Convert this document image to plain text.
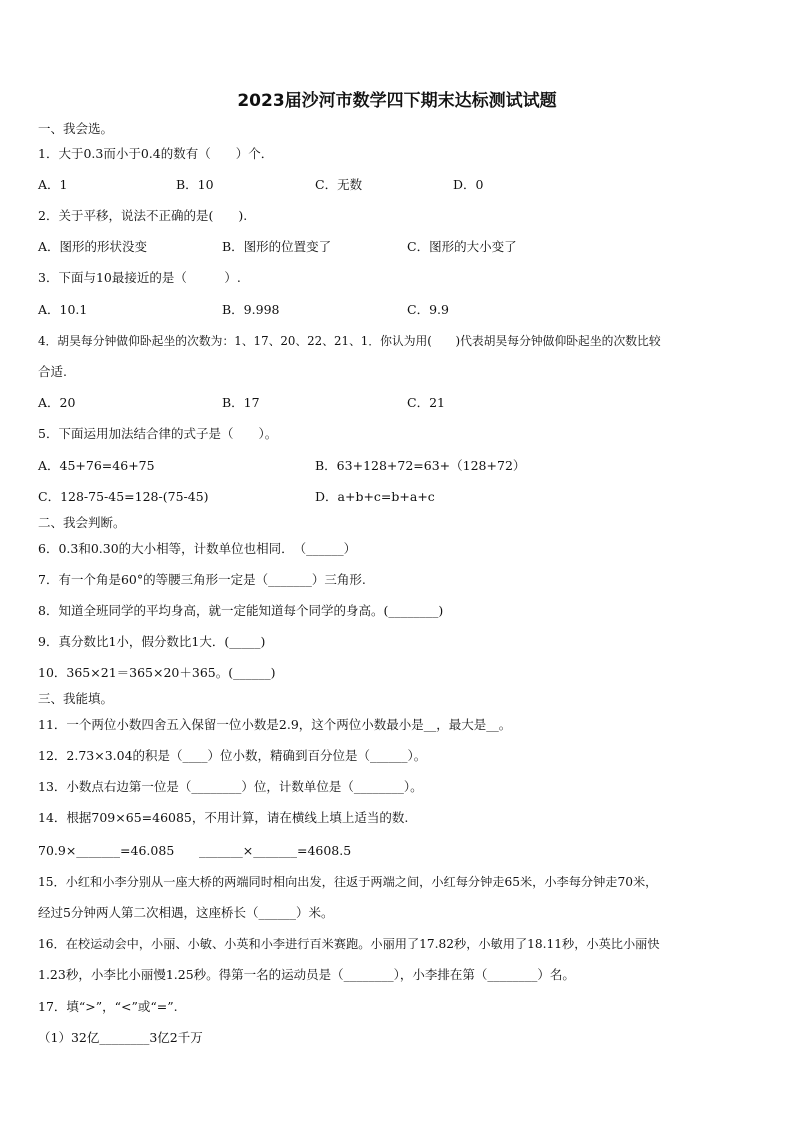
2023届沙河市数学四下期末达标测试试题
一、我会选。
1．大于0.3而小于0.4的数有（　　）个．
A．1	B．10	C．无数	D．0
2．关于平移，说法不正确的是(　　).
A．图形的形状没变	B．图形的位置变了	C．图形的大小变了
3．下面与10最接近的是（　　　）.
A．10.1	B．9.998	C．9.9
4．胡昊每分钟做仰卧起坐的次数为：1、17、20、22、21、1．你认为用(　　)代表胡昊每分钟做仰卧起坐的次数比较
合适.
A．20	B．17	C．21
5．下面运用加法结合律的式子是（　　）。
A．45+76=46+75	B．63+128+72=63+（128+72）
C．128-75-45=128-(75-45)	D．a+b+c=b+a+c
二、我会判断。
6．0.3和0.30的大小相等，计数单位也相同．　（______）
7．有一个角是60°的等腰三角形一定是（_______）三角形.
8．知道全班同学的平均身高，就一定能知道每个同学的身高。(________)
9．真分数比1小，假分数比1大．(_____)
10．365×21＝365×20＋365。(______)
三、我能填。
11．一个两位小数四舍五入保留一位小数是2.9，这个两位小数最小是__，最大是__。
12．2.73×3.04的积是（____）位小数，精确到百分位是（______）。
13．小数点右边第一位是（________）位，计数单位是（________）。
14．根据709×65=46085，不用计算，请在横线上填上适当的数.
70.9×_______=46.085 _______×_______=4608.5
15．小红和小李分别从一座大桥的两端同时相向出发，往返于两端之间，小红每分钟走65米，小李每分钟走70米，
经过5分钟两人第二次相遇，这座桥长（______）米。
16．在校运动会中，小丽、小敏、小英和小李进行百米赛跑。小丽用了17.82秒，小敏用了18.11秒，小英比小丽快
1.23秒，小李比小丽慢1.25秒。得第一名的运动员是（________），小李排在第（________）名。
17．填“>”，“<”或“=”.
（1）32亿________3亿2千万
